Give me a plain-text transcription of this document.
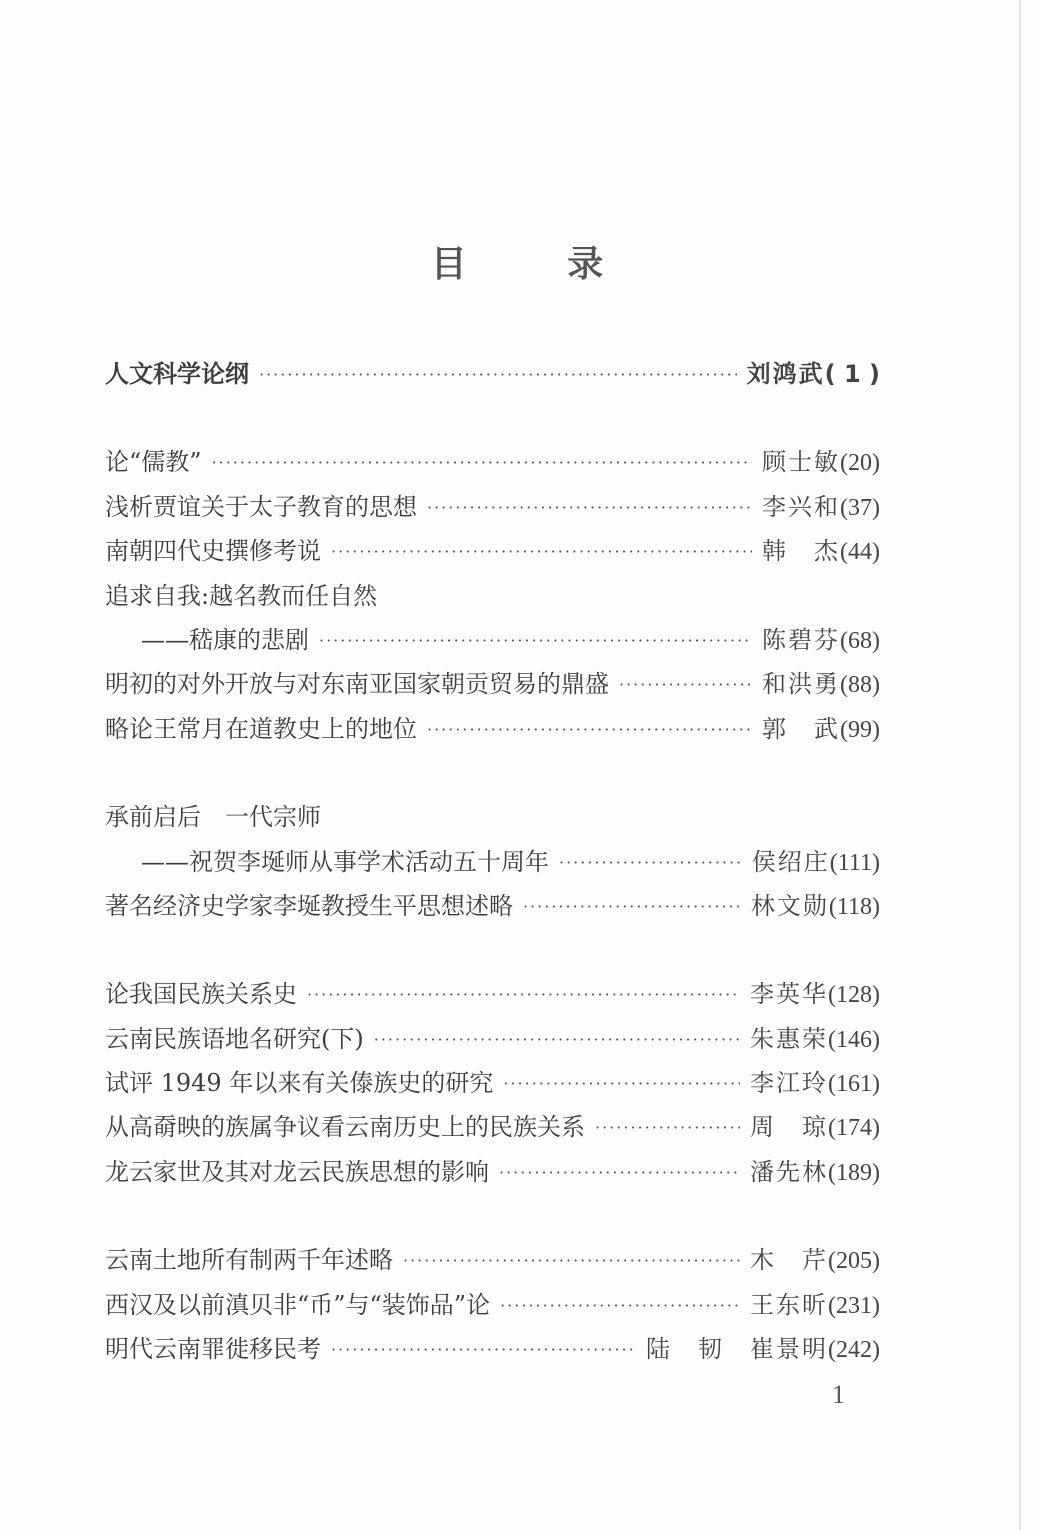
目 录
人文科学论纲 ·····	刘鸿武 ( 1 )
论“儒教” ·····	顾士敏 (20)
浅析贾谊关于太子教育的思想 ·····	李兴和 (37)
南朝四代史撰修考说 ·····	韩　杰 (44)
追求自我:越名教而任自然
——嵇康的悲剧 ·····	陈碧芬 (68)
明初的对外开放与对东南亚国家朝贡贸易的鼎盛 ·····	和洪勇 (88)
略论王常月在道教史上的地位 ·····	郭　武 (99)
承前启后　一代宗师
——祝贺李埏师从事学术活动五十周年 ·····	侯绍庄 (111)
著名经济史学家李埏教授生平思想述略 ·····	林文勋 (118)
论我国民族关系史 ·····	李英华 (128)
云南民族语地名研究(下) ·····	朱惠荣 (146)
试评 1949 年以来有关傣族史的研究 ·····	李江玲 (161)
从高奣映的族属争议看云南历史上的民族关系 ·····	周　琼 (174)
龙云家世及其对龙云民族思想的影响 ·····	潘先林 (189)
云南土地所有制两千年述略 ·····	木　芹 (205)
西汉及以前滇贝非“币”与“装饰品”论 ·····	王东昕 (231)
明代云南罪徙移民考 ·····	陆　韧　崔景明 (242)
1
